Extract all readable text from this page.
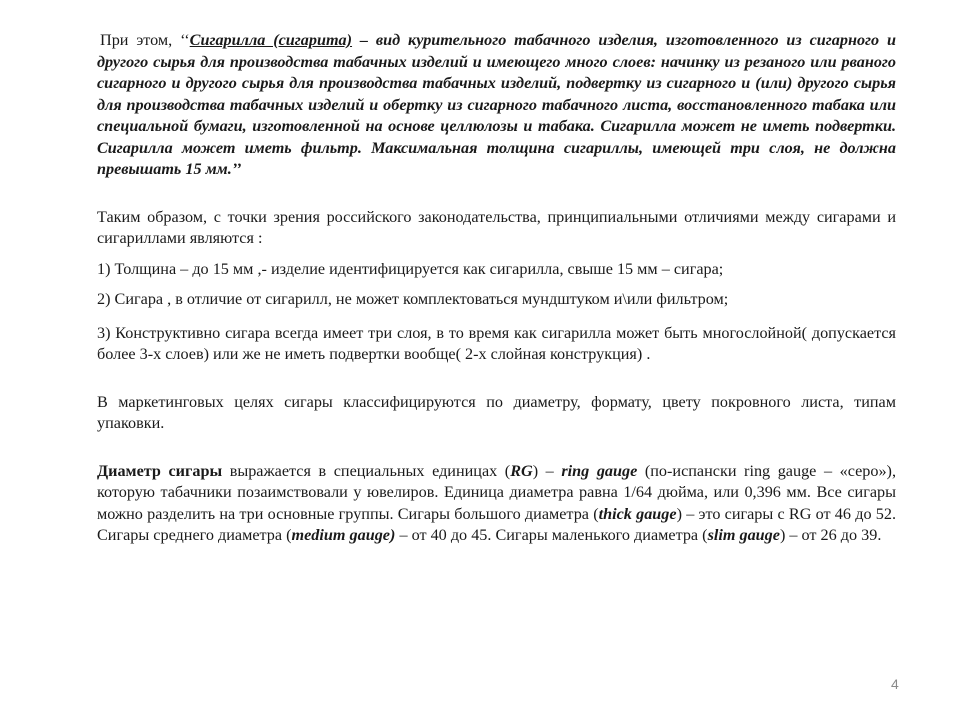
При этом, ‘‘Сигарилла (сигарита) – вид курительного табачного изделия, изготовленного из сигарного и другого сырья для производства табачных изделий и имеющего много слоев: начинку из резаного или рваного сигарного и другого сырья для производства табачных изделий, подвертку из сигарного и (или) другого сырья для производства табачных изделий и обертку из сигарного табачного листа, восстановленного табака или специальной бумаги, изготовленной на основе целлюлозы и табака. Сигарилла может не иметь подвертки. Сигарилла может иметь фильтр. Максимальная толщина сигариллы, имеющей три слоя, не должна превышать 15 мм.’’

Таким образом, с точки зрения российского законодательства, принципиальными отличиями между сигарами и сигариллами являются :

1) Толщина – до 15 мм ,- изделие идентифицируется как сигарилла, свыше 15 мм – сигара;

2) Сигара , в отличие от сигарилл, не может комплектоваться мундштуком и\или фильтром;

3) Конструктивно сигара всегда имеет три слоя, в то время как сигарилла может быть многослойной( допускается более 3-х слоев) или же не иметь подвертки вообще( 2-х слойная конструкция) .

В маркетинговых целях сигары классифицируются по диаметру, формату, цвету покровного листа, типам упаковки.

Диаметр сигары выражается в специальных единицах (RG) – ring gauge (по-испански ring gauge – «серо»), которую табачники позаимствовали у ювелиров. Единица диаметра равна 1/64 дюйма, или 0,396 мм. Все сигары можно разделить на три основные группы. Сигары большого диаметра (thick gauge) – это сигары с RG от 46 до 52. Сигары среднего диаметра (medium gauge) – от 40 до 45. Сигары маленького диаметра (slim gauge) – от 26 до 39.

4
